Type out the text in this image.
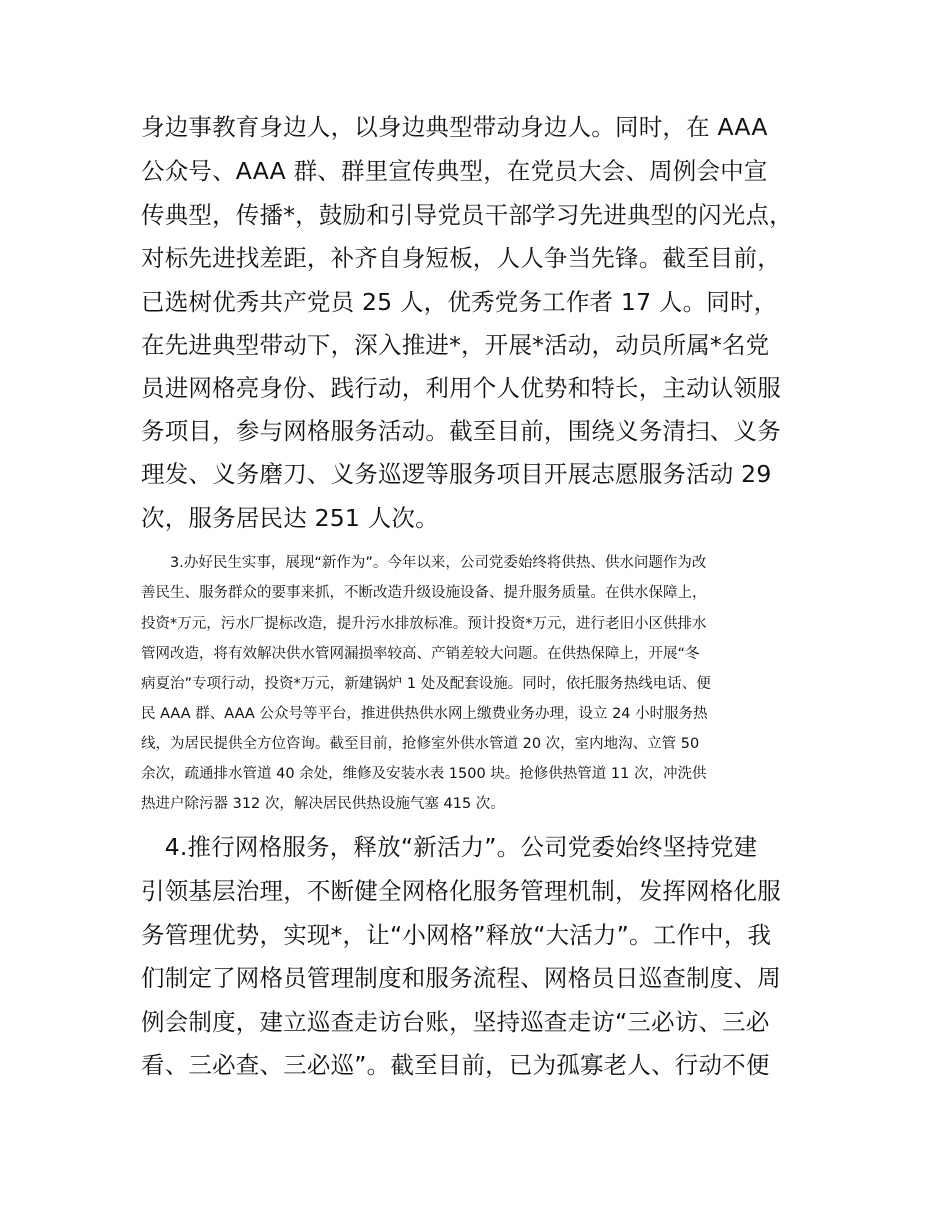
身边事教育身边人，以身边典型带动身边人。同时，在 AAA
公众号、AAA 群、群里宣传典型，在党员大会、周例会中宣
传典型，传播*，鼓励和引导党员干部学习先进典型的闪光点，
对标先进找差距，补齐自身短板，人人争当先锋。截至目前，
已选树优秀共产党员 25 人，优秀党务工作者 17 人。同时，
在先进典型带动下，深入推进*，开展*活动，动员所属*名党
员进网格亮身份、践行动，利用个人优势和特长，主动认领服
务项目，参与网格服务活动。截至目前，围绕义务清扫、义务
理发、义务磨刀、义务巡逻等服务项目开展志愿服务活动 29
次，服务居民达 251 人次。
　　3.办好民生实事，展现“新作为”。今年以来，公司党委始终将供热、供水问题作为改
善民生、服务群众的要事来抓，不断改造升级设施设备、提升服务质量。在供水保障上，
投资*万元，污水厂提标改造，提升污水排放标准。预计投资*万元，进行老旧小区供排水
管网改造，将有效解决供水管网漏损率较高、产销差较大问题。在供热保障上，开展“冬
病夏治”专项行动，投资*万元，新建锅炉 1 处及配套设施。同时，依托服务热线电话、便
民 AAA 群、AAA 公众号等平台，推进供热供水网上缴费业务办理，设立 24 小时服务热
线，为居民提供全方位咨询。截至目前，抢修室外供水管道 20 次，室内地沟、立管 50
余次，疏通排水管道 40 余处，维修及安装水表 1500 块。抢修供热管道 11 次，冲洗供
热进户除污器 312 次，解决居民供热设施气塞 415 次。
　4.推行网格服务，释放“新活力”。公司党委始终坚持党建
引领基层治理，不断健全网格化服务管理机制，发挥网格化服
务管理优势，实现*，让“小网格”释放“大活力”。工作中，我
们制定了网格员管理制度和服务流程、网格员日巡查制度、周
例会制度，建立巡查走访台账，坚持巡查走访“三必访、三必
看、三必查、三必巡”。截至目前，已为孤寡老人、行动不便
